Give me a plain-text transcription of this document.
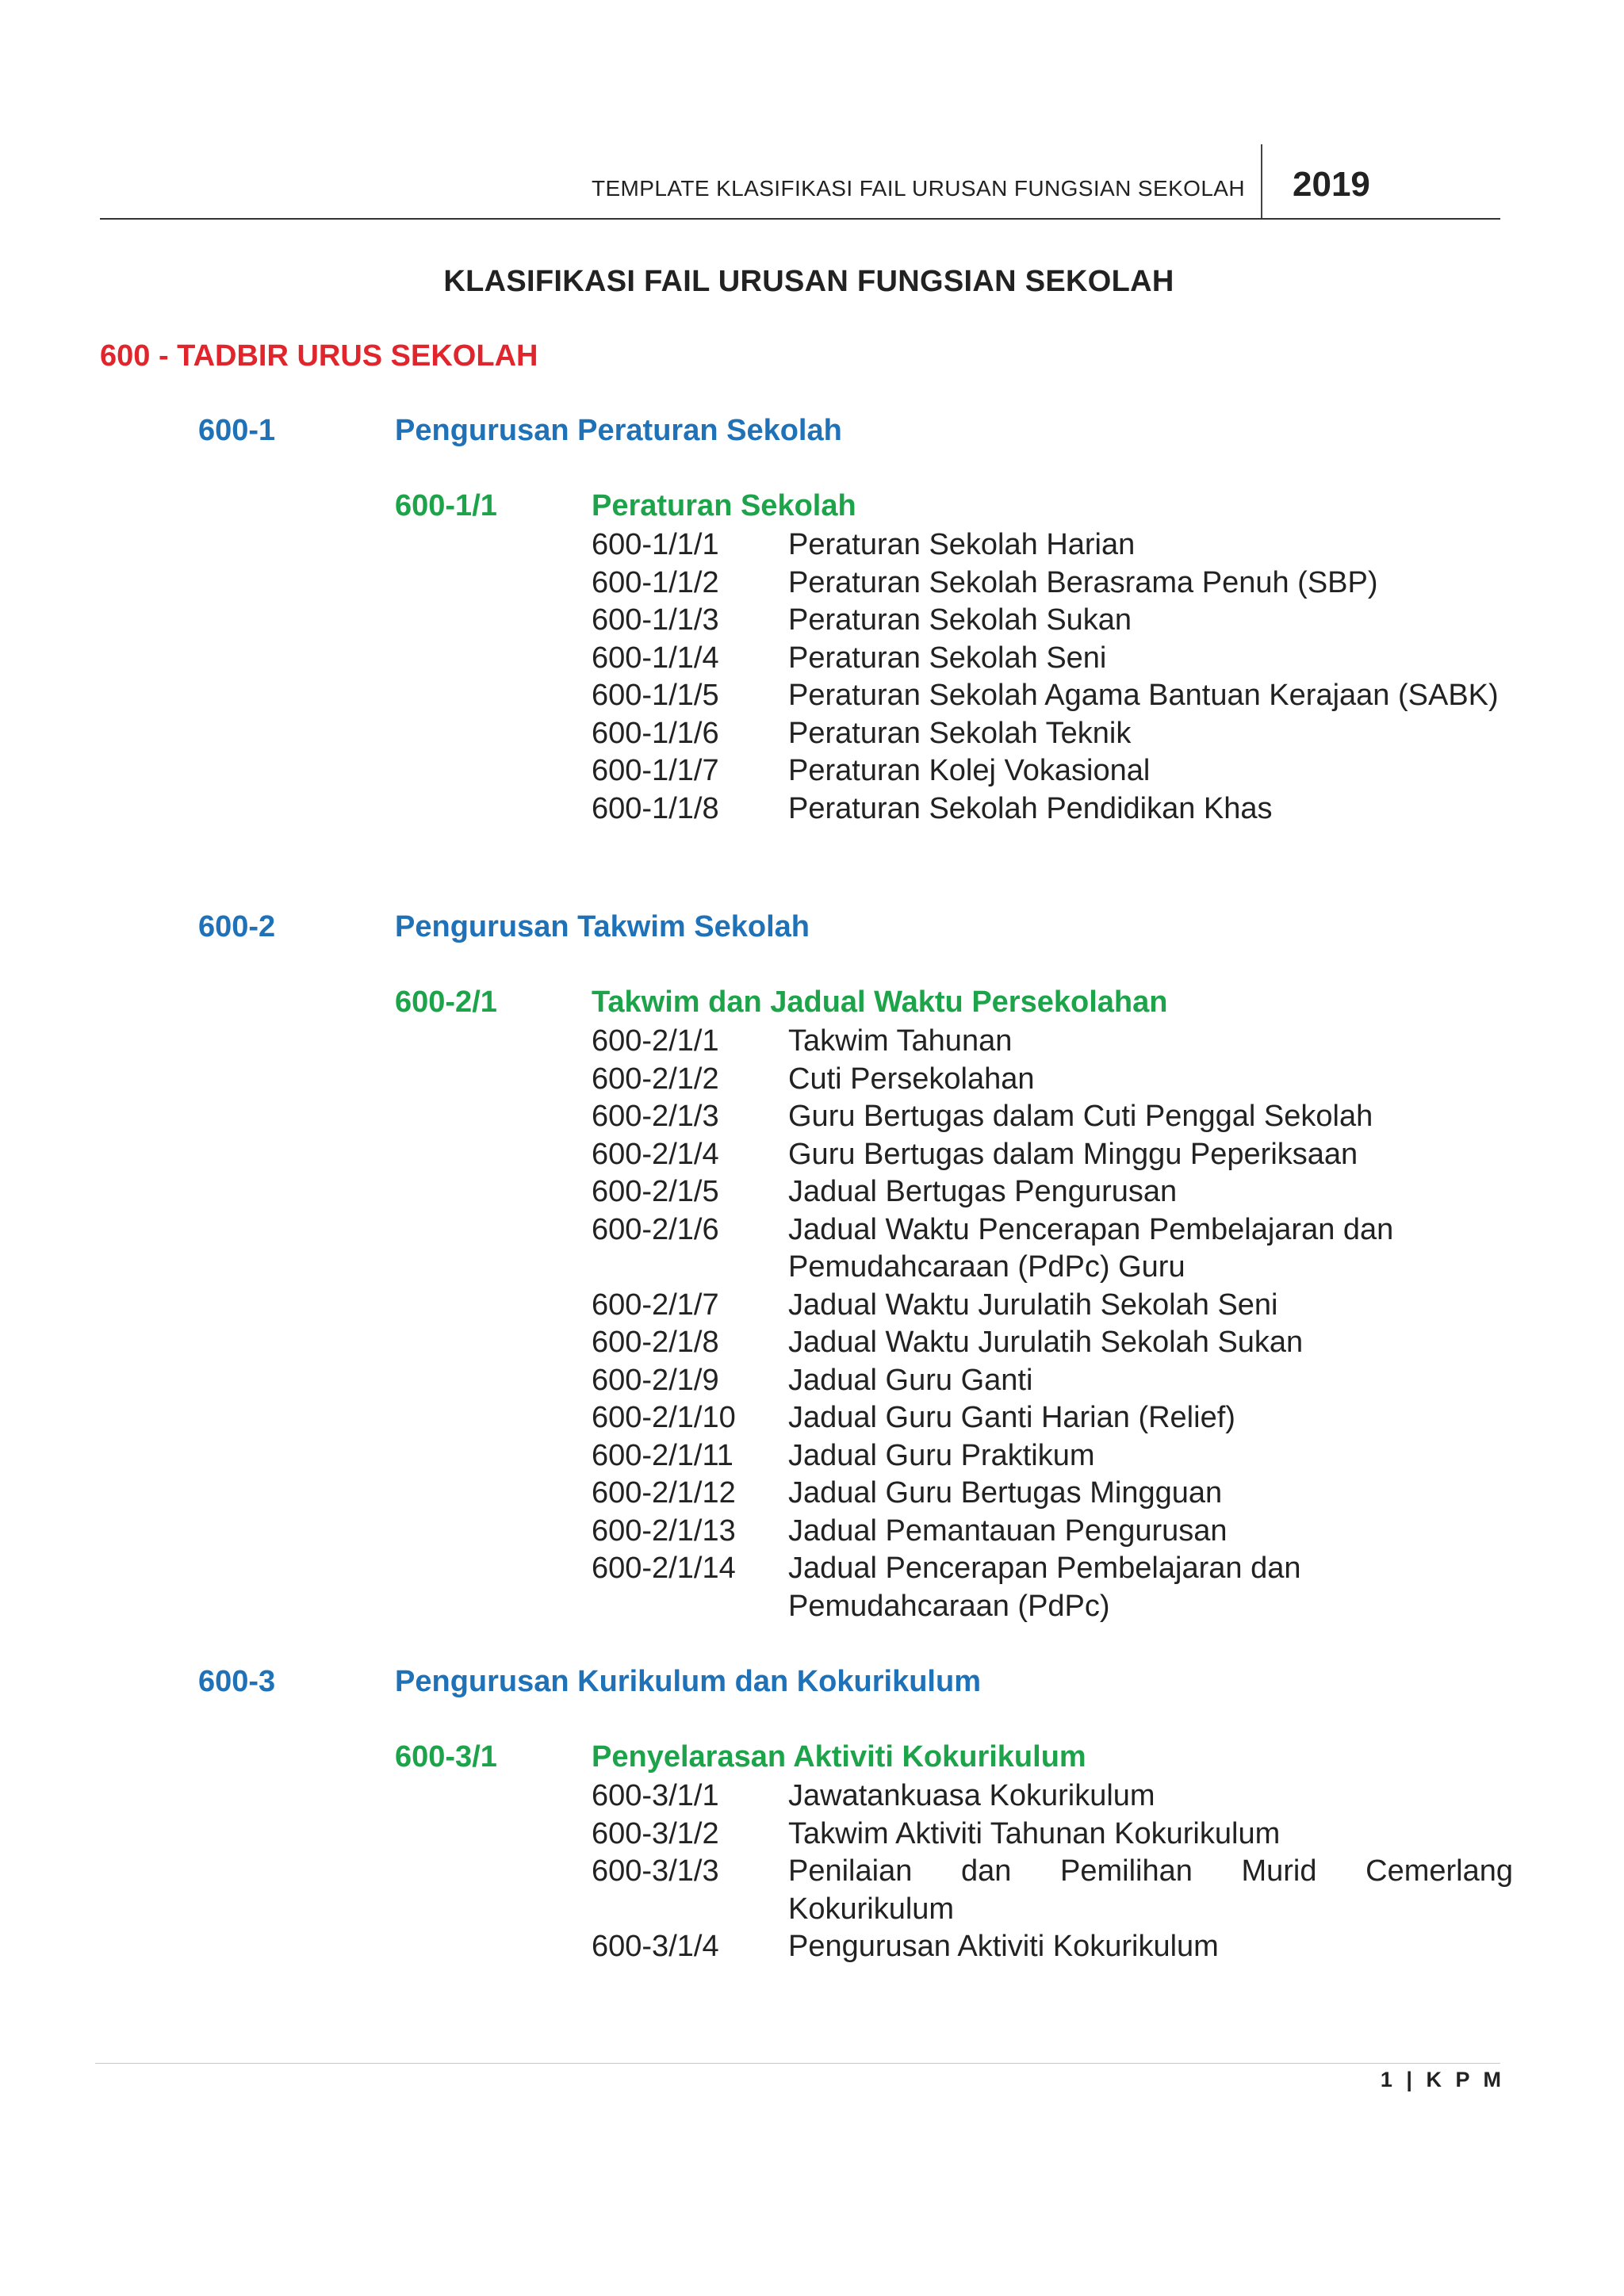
TEMPLATE KLASIFIKASI FAIL URUSAN FUNGSIAN SEKOLAH 2019
KLASIFIKASI FAIL URUSAN FUNGSIAN SEKOLAH
600 - TADBIR URUS SEKOLAH
600-1	Pengurusan Peraturan Sekolah
600-1/1	Peraturan Sekolah
600-1/1/1	Peraturan Sekolah Harian
600-1/1/2	Peraturan Sekolah Berasrama Penuh (SBP)
600-1/1/3	Peraturan Sekolah Sukan
600-1/1/4	Peraturan Sekolah Seni
600-1/1/5	Peraturan Sekolah Agama Bantuan Kerajaan (SABK)
600-1/1/6	Peraturan Sekolah Teknik
600-1/1/7	Peraturan Kolej Vokasional
600-1/1/8	Peraturan Sekolah Pendidikan Khas
600-2	Pengurusan Takwim Sekolah
600-2/1	Takwim dan Jadual Waktu Persekolahan
600-2/1/1	Takwim Tahunan
600-2/1/2	Cuti Persekolahan
600-2/1/3	Guru Bertugas dalam Cuti Penggal Sekolah
600-2/1/4	Guru Bertugas dalam Minggu Peperiksaan
600-2/1/5	Jadual Bertugas Pengurusan
600-2/1/6	Jadual Waktu Pencerapan Pembelajaran dan Pemudahcaraan (PdPc) Guru
600-2/1/7	Jadual Waktu Jurulatih Sekolah Seni
600-2/1/8	Jadual Waktu Jurulatih Sekolah Sukan
600-2/1/9	Jadual Guru Ganti
600-2/1/10	Jadual Guru Ganti Harian (Relief)
600-2/1/11	Jadual Guru Praktikum
600-2/1/12	Jadual Guru Bertugas Mingguan
600-2/1/13	Jadual Pemantauan Pengurusan
600-2/1/14	Jadual Pencerapan Pembelajaran dan Pemudahcaraan (PdPc)
600-3	Pengurusan Kurikulum dan Kokurikulum
600-3/1	Penyelarasan Aktiviti Kokurikulum
600-3/1/1	Jawatankuasa Kokurikulum
600-3/1/2	Takwim Aktiviti Tahunan Kokurikulum
600-3/1/3	Penilaian dan Pemilihan Murid Cemerlang Kokurikulum
600-3/1/4	Pengurusan Aktiviti Kokurikulum
1 | K P M
